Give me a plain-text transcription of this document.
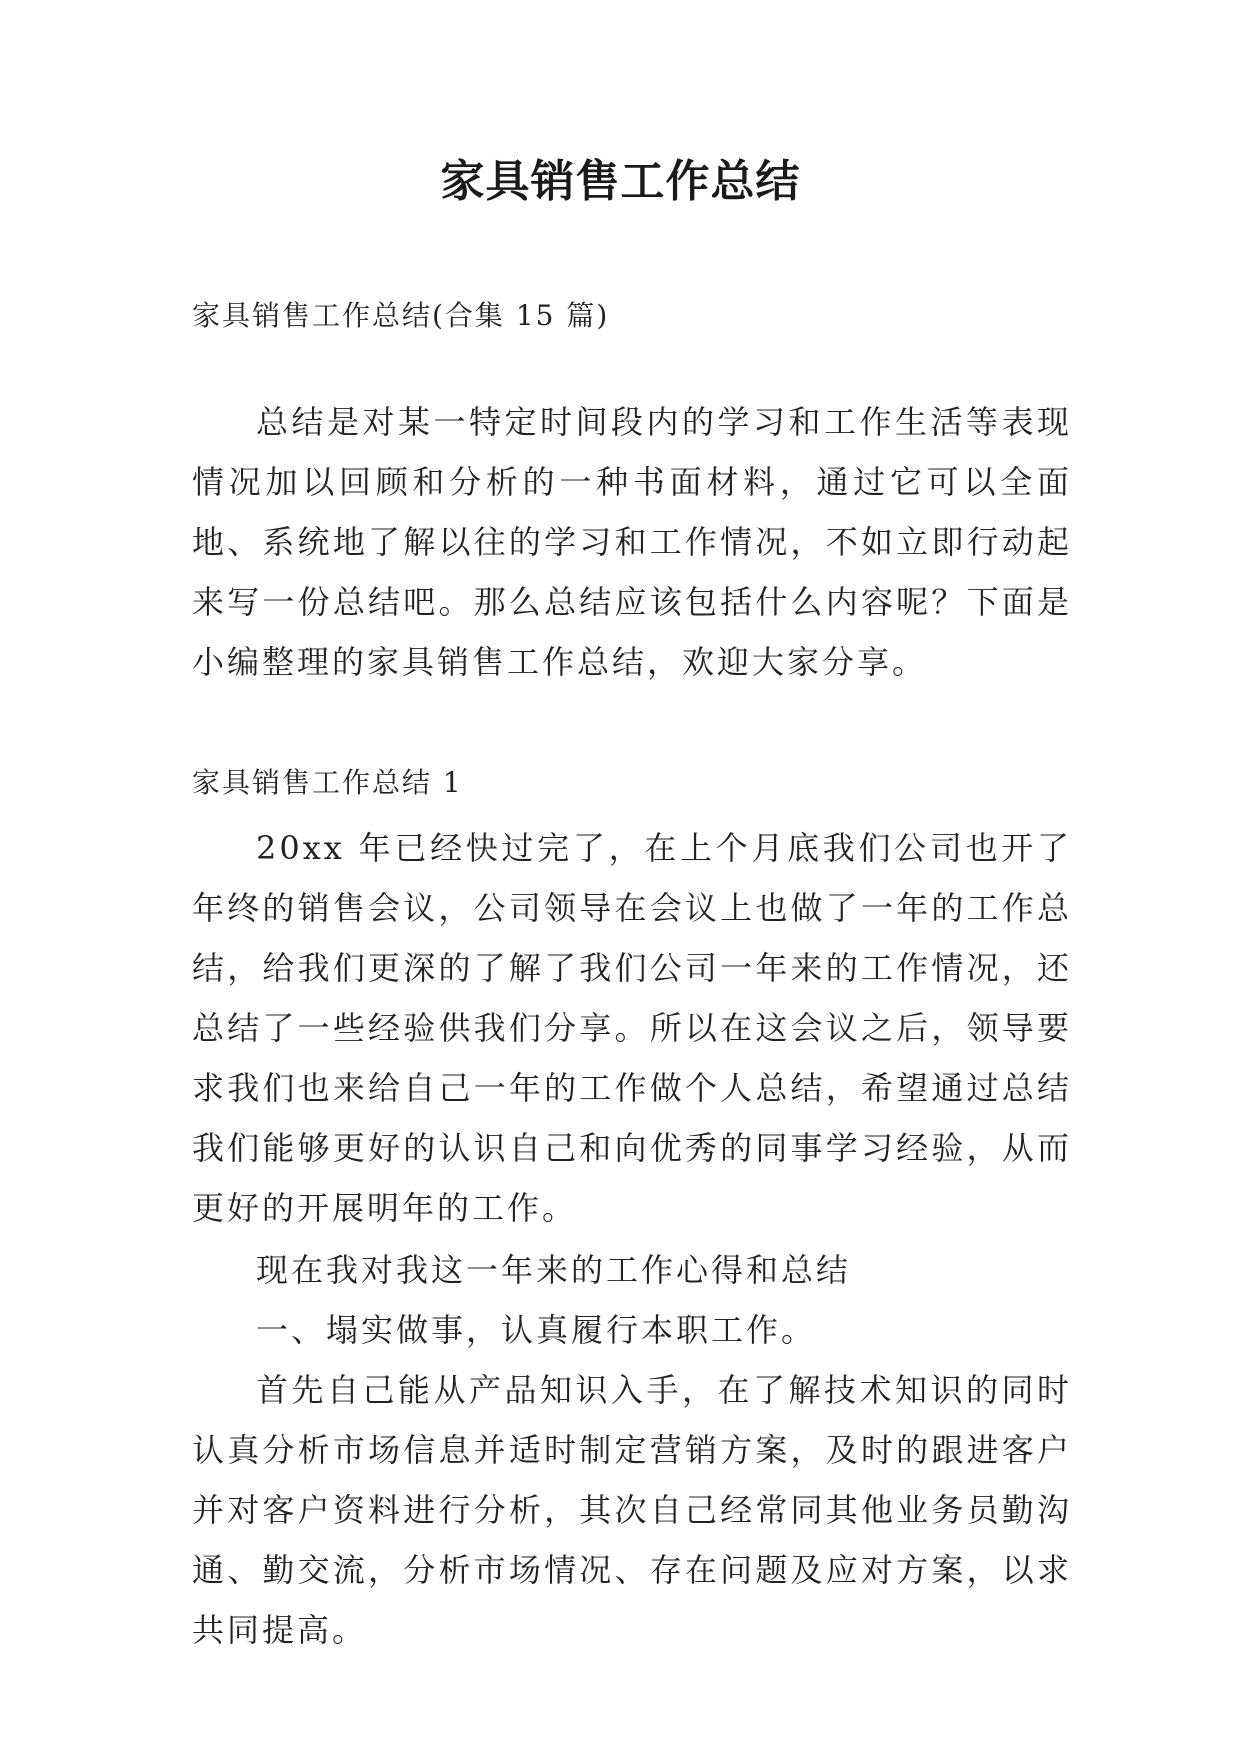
家具销售工作总结
家具销售工作总结(合集 15 篇)

总结是对某一特定时间段内的学习和工作生活等表现情况加以回顾和分析的一种书面材料，通过它可以全面地、系统地了解以往的学习和工作情况，不如立即行动起来写一份总结吧。那么总结应该包括什么内容呢？下面是小编整理的家具销售工作总结，欢迎大家分享。

家具销售工作总结 1

20xx 年已经快过完了，在上个月底我们公司也开了年终的销售会议，公司领导在会议上也做了一年的工作总结，给我们更深的了解了我们公司一年来的工作情况，还总结了一些经验供我们分享。所以在这会议之后，领导要求我们也来给自己一年的工作做个人总结，希望通过总结我们能够更好的认识自己和向优秀的同事学习经验，从而更好的开展明年的工作。

现在我对我这一年来的工作心得和总结

一、塌实做事，认真履行本职工作。

首先自己能从产品知识入手，在了解技术知识的同时认真分析市场信息并适时制定营销方案，及时的跟进客户并对客户资料进行分析，其次自己经常同其他业务员勤沟通、勤交流，分析市场情况、存在问题及应对方案，以求共同提高。
